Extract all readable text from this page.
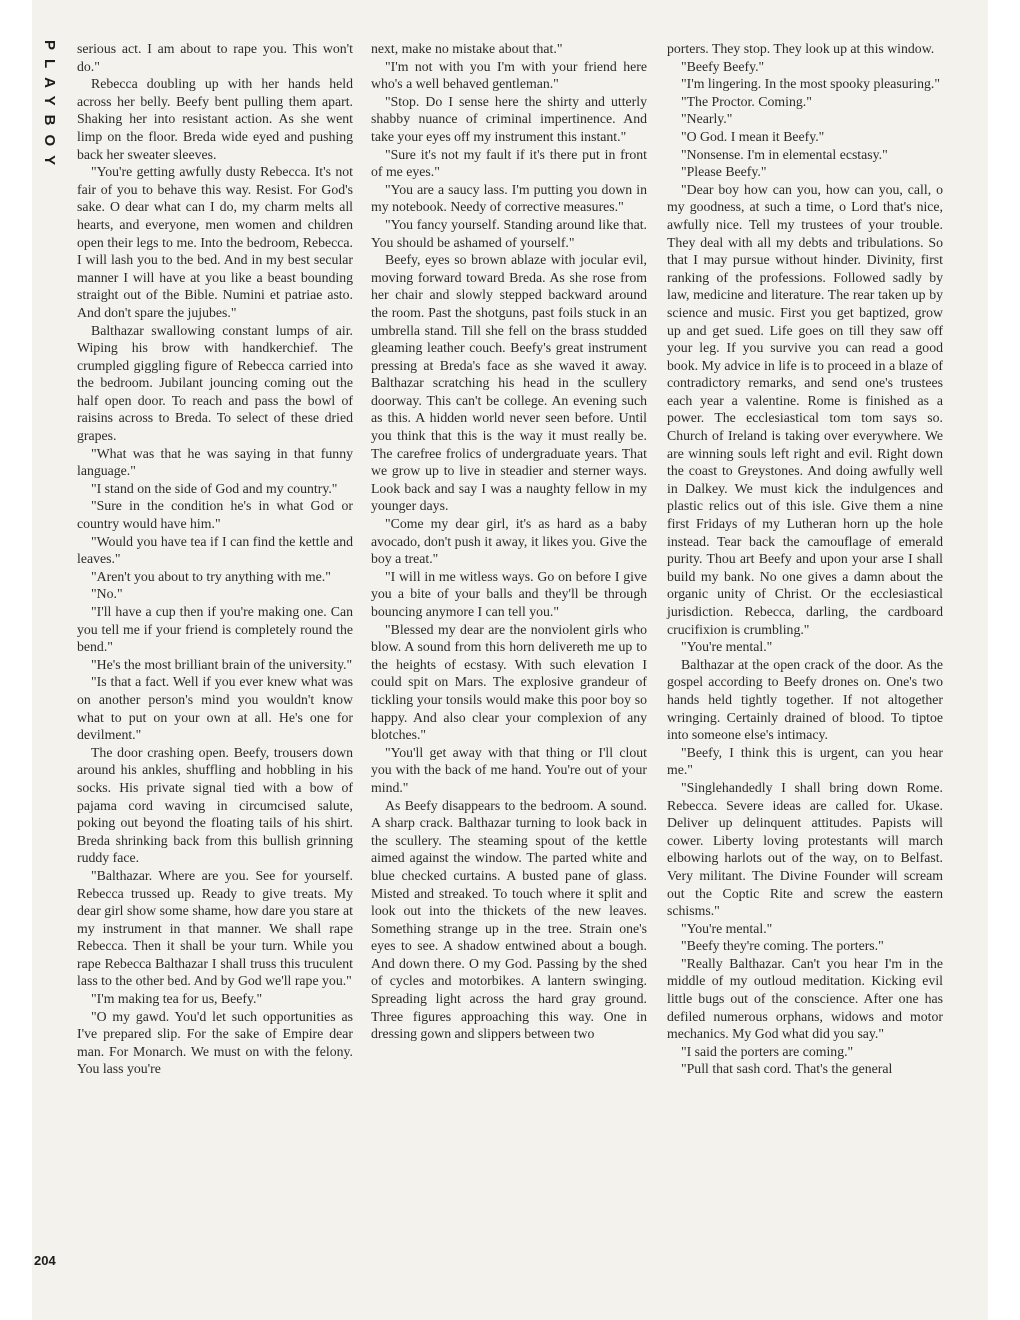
PLAYBOY serious act. I am about to rape you. This won't do."

Rebecca doubling up with her hands held across her belly. Beefy bent pulling them apart. Shaking her into resistant action. As she went limp on the floor. Breda wide eyed and pushing back her sweater sleeves.

"You're getting awfully dusty Rebecca. It's not fair of you to behave this way. Resist. For God's sake. O dear what can I do, my charm melts all hearts, and everyone, men women and children open their legs to me. Into the bedroom, Rebecca. I will lash you to the bed. And in my best secular manner I will have at you like a beast bounding straight out of the Bible. Numini et patriae asto. And don't spare the jujubes."

Balthazar swallowing constant lumps of air. Wiping his brow with handkerchief. The crumpled giggling figure of Rebecca carried into the bedroom. Jubilant jouncing coming out the half open door. To reach and pass the bowl of raisins across to Breda. To select of these dried grapes.

"What was that he was saying in that funny language."

"I stand on the side of God and my country."

"Sure in the condition he's in what God or country would have him."

"Would you have tea if I can find the kettle and leaves."

"Aren't you about to try anything with me."

"No."

"I'll have a cup then if you're making one. Can you tell me if your friend is completely round the bend."

"He's the most brilliant brain of the university."

"Is that a fact. Well if you ever knew what was on another person's mind you wouldn't know what to put on your own at all. He's one for devilment."

The door crashing open. Beefy, trousers down around his ankles, shuffling and hobbling in his socks. His private signal tied with a bow of pajama cord waving in circumcised salute, poking out beyond the floating tails of his shirt. Breda shrinking back from this bullish grinning ruddy face.

"Balthazar. Where are you. See for yourself. Rebecca trussed up. Ready to give treats. My dear girl show some shame, how dare you stare at my instrument in that manner. We shall rape Rebecca. Then it shall be your turn. While you rape Rebecca Balthazar I shall truss this truculent lass to the other bed. And by God we'll rape you."

"I'm making tea for us, Beefy."

"O my gawd. You'd let such opportunities as I've prepared slip. For the sake of Empire dear man. For Monarch. We must on with the felony. You lass you're

next, make no mistake about that."

"I'm not with you I'm with your friend here who's a well behaved gentleman."

"Stop. Do I sense here the shirty and utterly shabby nuance of criminal impertinence. And take your eyes off my instrument this instant."

"Sure it's not my fault if it's there put in front of me eyes."

"You are a saucy lass. I'm putting you down in my notebook. Needy of corrective measures."

"You fancy yourself. Standing around like that. You should be ashamed of yourself."

Beefy, eyes so brown ablaze with jocular evil, moving forward toward Breda. As she rose from her chair and slowly stepped backward around the room. Past the shotguns, past foils stuck in an umbrella stand. Till she fell on the brass studded gleaming leather couch. Beefy's great instrument pressing at Breda's face as she waved it away. Balthazar scratching his head in the scullery doorway. This can't be college. An evening such as this. A hidden world never seen before. Until you think that this is the way it must really be. The carefree frolics of undergraduate years. That we grow up to live in steadier and sterner ways. Look back and say I was a naughty fellow in my younger days.

"Come my dear girl, it's as hard as a baby avocado, don't push it away, it likes you. Give the boy a treat."

"I will in me witless ways. Go on before I give you a bite of your balls and they'll be through bouncing anymore I can tell you."

"Blessed my dear are the nonviolent girls who blow. A sound from this horn delivereth me up to the heights of ecstasy. With such elevation I could spit on Mars. The explosive grandeur of tickling your tonsils would make this poor boy so happy. And also clear your complexion of any blotches."

"You'll get away with that thing or I'll clout you with the back of me hand. You're out of your mind."

As Beefy disappears to the bedroom. A sound. A sharp crack. Balthazar turning to look back in the scullery. The steaming spout of the kettle aimed against the window. The parted white and blue checked curtains. A busted pane of glass. Misted and streaked. To touch where it split and look out into the thickets of the new leaves. Something strange up in the tree. Strain one's eyes to see. A shadow entwined about a bough. And down there. O my God. Passing by the shed of cycles and motorbikes. A lantern swinging. Spreading light across the hard gray ground. Three figures approaching this way. One in dressing gown and slippers between two

porters. They stop. They look up at this window.

"Beefy Beefy."

"I'm lingering. In the most spooky pleasuring."

"The Proctor. Coming."

"Nearly."

"O God. I mean it Beefy."

"Nonsense. I'm in elemental ecstasy."

"Please Beefy."

"Dear boy how can you, how can you, call, o my goodness, at such a time, o Lord that's nice, awfully nice. Tell my trustees of your trouble. They deal with all my debts and tribulations. So that I may pursue without hinder. Divinity, first ranking of the professions. Followed sadly by law, medicine and literature. The rear taken up by science and music. First you get baptized, grow up and get sued. Life goes on till they saw off your leg. If you survive you can read a good book. My advice in life is to proceed in a blaze of contradictory remarks, and send one's trustees each year a valentine. Rome is finished as a power. The ecclesiastical tom tom says so. Church of Ireland is taking over everywhere. We are winning souls left right and evil. Right down the coast to Greystones. And doing awfully well in Dalkey. We must kick the indulgences and plastic relics out of this isle. Give them a nine first Fridays of my Lutheran horn up the hole instead. Tear back the camouflage of emerald purity. Thou art Beefy and upon your arse I shall build my bank. No one gives a damn about the organic unity of Christ. Or the ecclesiastical jurisdiction. Rebecca, darling, the cardboard crucifixion is crumbling."

"You're mental."

Balthazar at the open crack of the door. As the gospel according to Beefy drones on. One's two hands held tightly together. If not altogether wringing. Certainly drained of blood. To tiptoe into someone else's intimacy.

"Beefy, I think this is urgent, can you hear me."

"Singlehandedly I shall bring down Rome. Rebecca. Severe ideas are called for. Ukase. Deliver up delinquent attitudes. Papists will cower. Liberty loving protestants will march elbowing harlots out of the way, on to Belfast. Very militant. The Divine Founder will scream out the Coptic Rite and screw the eastern schisms."

"You're mental."

"Beefy they're coming. The porters."

"Really Balthazar. Can't you hear I'm in the middle of my outloud meditation. Kicking evil little bugs out of the conscience. After one has defiled numerous orphans, widows and motor mechanics. My God what did you say."

"I said the porters are coming."

"Pull that sash cord. That's the general

204
